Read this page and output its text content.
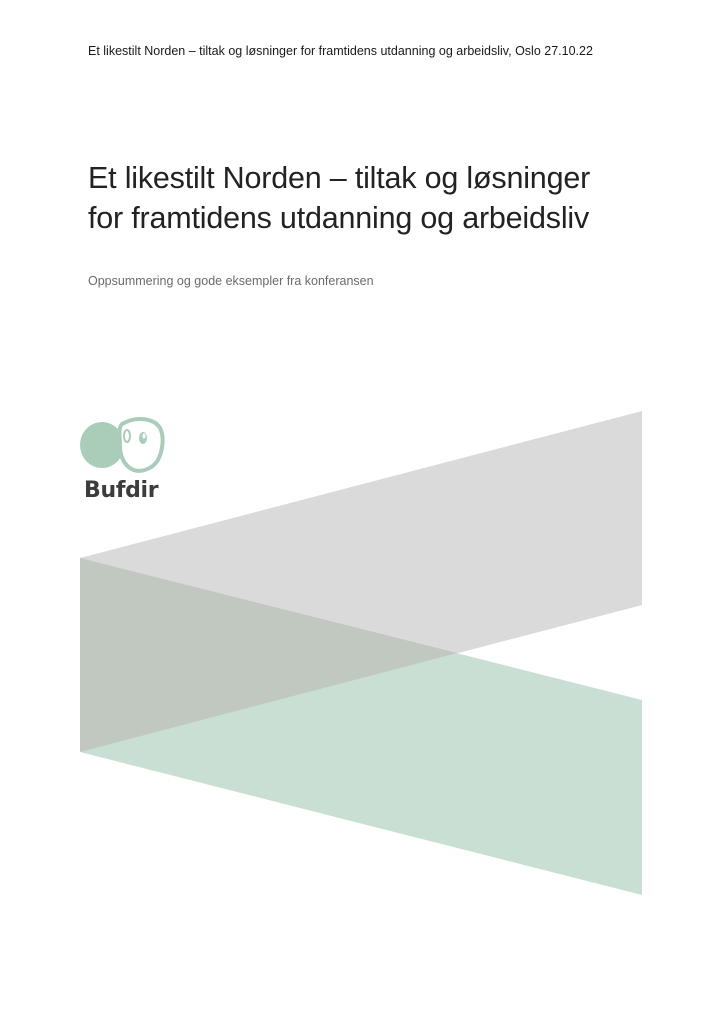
Et likestilt Norden – tiltak og løsninger for framtidens utdanning og arbeidsliv, Oslo 27.10.22
Et likestilt Norden – tiltak og løsninger
for framtidens utdanning og arbeidsliv
Oppsummering og gode eksempler fra konferansen
Bufdir
